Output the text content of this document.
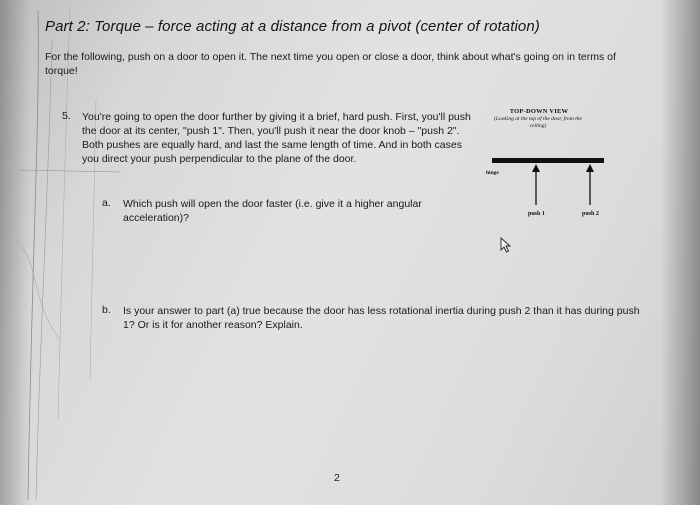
Part 2: Torque – force acting at a distance from a pivot (center of rotation)
For the following, push on a door to open it. The next time you open or close a door, think about what's going on in terms of torque!
5. You're going to open the door further by giving it a brief, hard push. First, you'll push the door at its center, "push 1". Then, you'll push it near the door knob – "push 2". Both pushes are equally hard, and last the same length of time. And in both cases you direct your push perpendicular to the plane of the door.
TOP-DOWN VIEW
(Looking at the top of the door, from the ceiling)
hinge
push 1	push 2
a. Which push will open the door faster (i.e. give it a higher angular acceleration)?
b. Is your answer to part (a) true because the door has less rotational inertia during push 2 than it has during push 1? Or is it for another reason? Explain.
2
